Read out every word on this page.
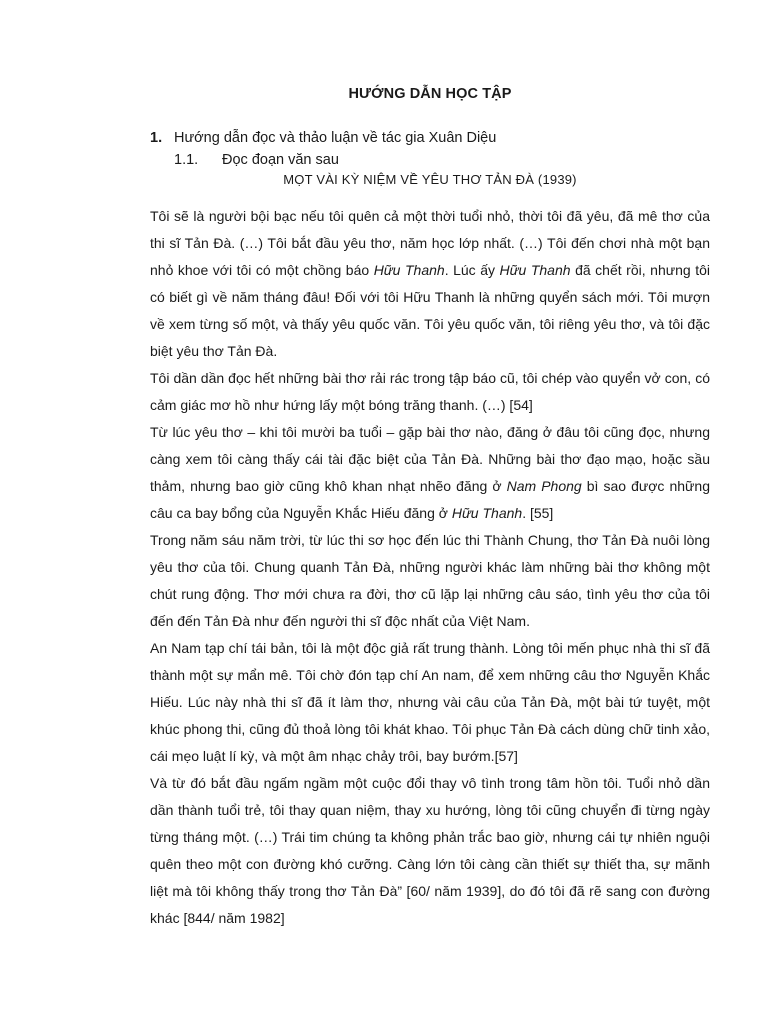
HƯỚNG DẪN HỌC TẬP
1. Hướng dẫn đọc và thảo luận về tác gia Xuân Diệu
1.1.	Đọc đoạn văn sau
MỌT VÀI KỲ NIỆM VỀ YÊU THƠ TẢN ĐÀ (1939)

Tôi sẽ là người bội bạc nếu tôi quên cả một thời tuổi nhỏ, thời tôi đã yêu, đã mê thơ của thi sĩ Tản Đà. (…) Tôi bắt đầu yêu thơ, năm học lớp nhất. (…) Tôi đến chơi nhà một bạn nhỏ khoe với tôi có một chồng báo Hữu Thanh. Lúc ấy Hữu Thanh đã chết rồi, nhưng tôi có biết gì về năm tháng đâu! Đối với tôi Hữu Thanh là những quyển sách mới. Tôi mượn về xem từng số một, và thấy yêu quốc văn. Tôi yêu quốc văn, tôi riêng yêu thơ, và tôi đặc biệt yêu thơ Tản Đà.

Tôi dần dần đọc hết những bài thơ rải rác trong tập báo cũ, tôi chép vào quyển vở con, có cảm giác mơ hồ như hứng lấy một bóng trăng thanh. (…) [54]

Từ lúc yêu thơ – khi tôi mười ba tuổi – gặp bài thơ nào, đăng ở đâu tôi cũng đọc, nhưng càng xem tôi càng thấy cái tài đặc biệt của Tản Đà. Những bài thơ đạo mạo, hoặc sầu thảm, nhưng bao giờ cũng khô khan nhạt nhẽo đăng ở Nam Phong bì sao được những câu ca bay bổng của Nguyễn Khắc Hiếu đăng ở Hữu Thanh. [55]

Trong năm sáu năm trời, từ lúc thi sơ học đến lúc thi Thành Chung, thơ Tản Đà nuôi lòng yêu thơ của tôi. Chung quanh Tản Đà, những người khác làm những bài thơ không một chút rung động. Thơ mới chưa ra đời, thơ cũ lặp lại những câu sáo, tình yêu thơ của tôi đến đến Tản Đà như đến người thi sĩ độc nhất của Việt Nam.

An Nam tạp chí tái bản, tôi là một độc giả rất trung thành. Lòng tôi mến phục nhà thi sĩ đã thành một sự mẩn mê. Tôi chờ đón tạp chí An nam, để xem những câu thơ Nguyễn Khắc Hiếu. Lúc này nhà thi sĩ đã ít làm thơ, nhưng vài câu của Tản Đà, một bài tứ tuyệt, một khúc phong thi, cũng đủ thoả lòng tôi khát khao. Tôi phục Tản Đà cách dùng chữ tinh xảo, cái mẹo luật lí kỳ, và một âm nhạc chảy trôi, bay bướm.[57]

Và từ đó bắt đầu ngấm ngầm một cuộc đổi thay vô tình trong tâm hồn tôi. Tuổi nhỏ dần dần thành tuổi trẻ, tôi thay quan niệm, thay xu hướng, lòng tôi cũng chuyển đi từng ngày từng tháng một. (…) Trái tim chúng ta không phản trắc bao giờ, nhưng cái tự nhiên nguội quên theo một con đường khó cưỡng. Càng lớn tôi càng cần thiết sự thiết tha, sự mãnh liệt mà tôi không thấy trong thơ Tản Đà” [60/ năm 1939], do đó tôi đã rẽ sang con đường khác [844/ năm 1982]
